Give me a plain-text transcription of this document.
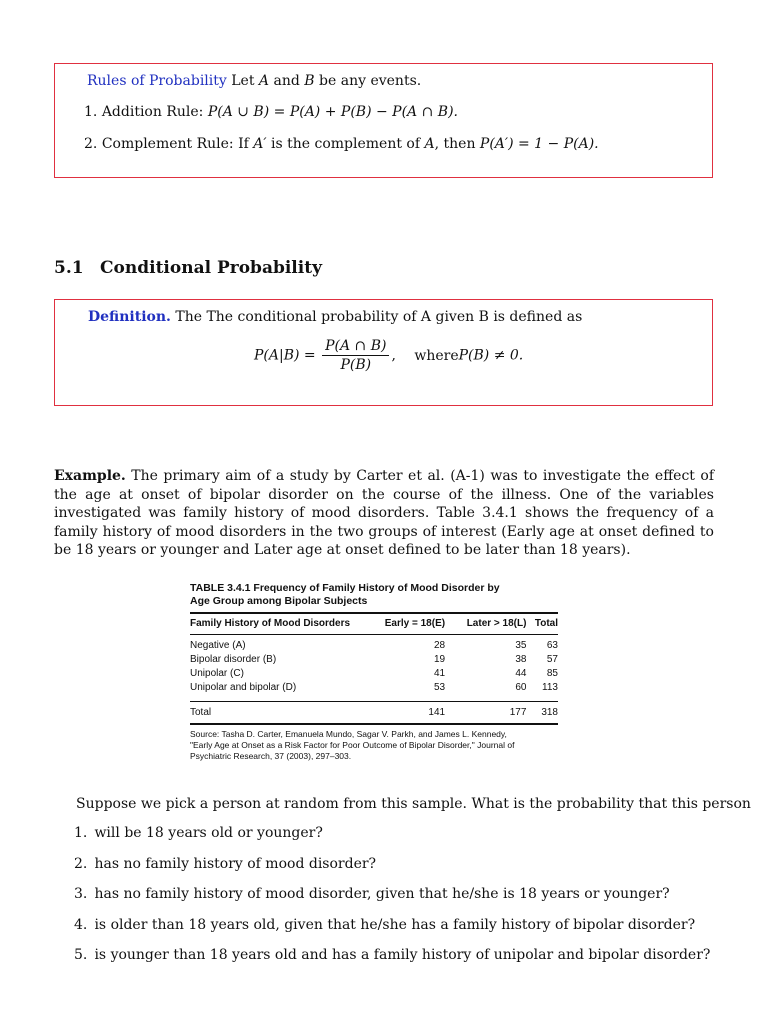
Rules of Probability Let A and B be any events.
1. Addition Rule: P(A ∪ B) = P(A) + P(B) − P(A ∩ B).
2. Complement Rule: If A′ is the complement of A, then P(A′) = 1 − P(A).
5.1 Conditional Probability
Definition. The The conditional probability of A given B is defined as
$P(A|B) = \frac{P(A \cap B)}{P(B)}$ , whereP(B) ≠ 0.
Example. The primary aim of a study by Carter et al. (A-1) was to investigate the effect of the age at onset of bipolar disorder on the course of the illness. One of the variables investigated was family history of mood disorders. Table 3.4.1 shows the frequency of a family history of mood disorders in the two groups of interest (Early age at onset defined to be 18 years or younger and Later age at onset defined to be later than 18 years).
TABLE 3.4.1 Frequency of Family History of Mood Disorder by
Age Group among Bipolar Subjects
Family History of Mood Disorders	Early = 18(E)	Later > 18(L)	Total

Negative (A)	28	35	63
Bipolar disorder (B)	19	38	57
Unipolar (C)	41	44	85
Unipolar and bipolar (D)	53	60	113

Total	141	177	318
Source: Tasha D. Carter, Emanuela Mundo, Sagar V. Parkh, and James L. Kennedy,
"Early Age at Onset as a Risk Factor for Poor Outcome of Bipolar Disorder," Journal of
Psychiatric Research, 37 (2003), 297–303.
Suppose we pick a person at random from this sample. What is the probability that this person
1. will be 18 years old or younger?
2. has no family history of mood disorder?
3. has no family history of mood disorder, given that he/she is 18 years or younger?
4. is older than 18 years old, given that he/she has a family history of bipolar disorder?
5. is younger than 18 years old and has a family history of unipolar and bipolar disorder?
